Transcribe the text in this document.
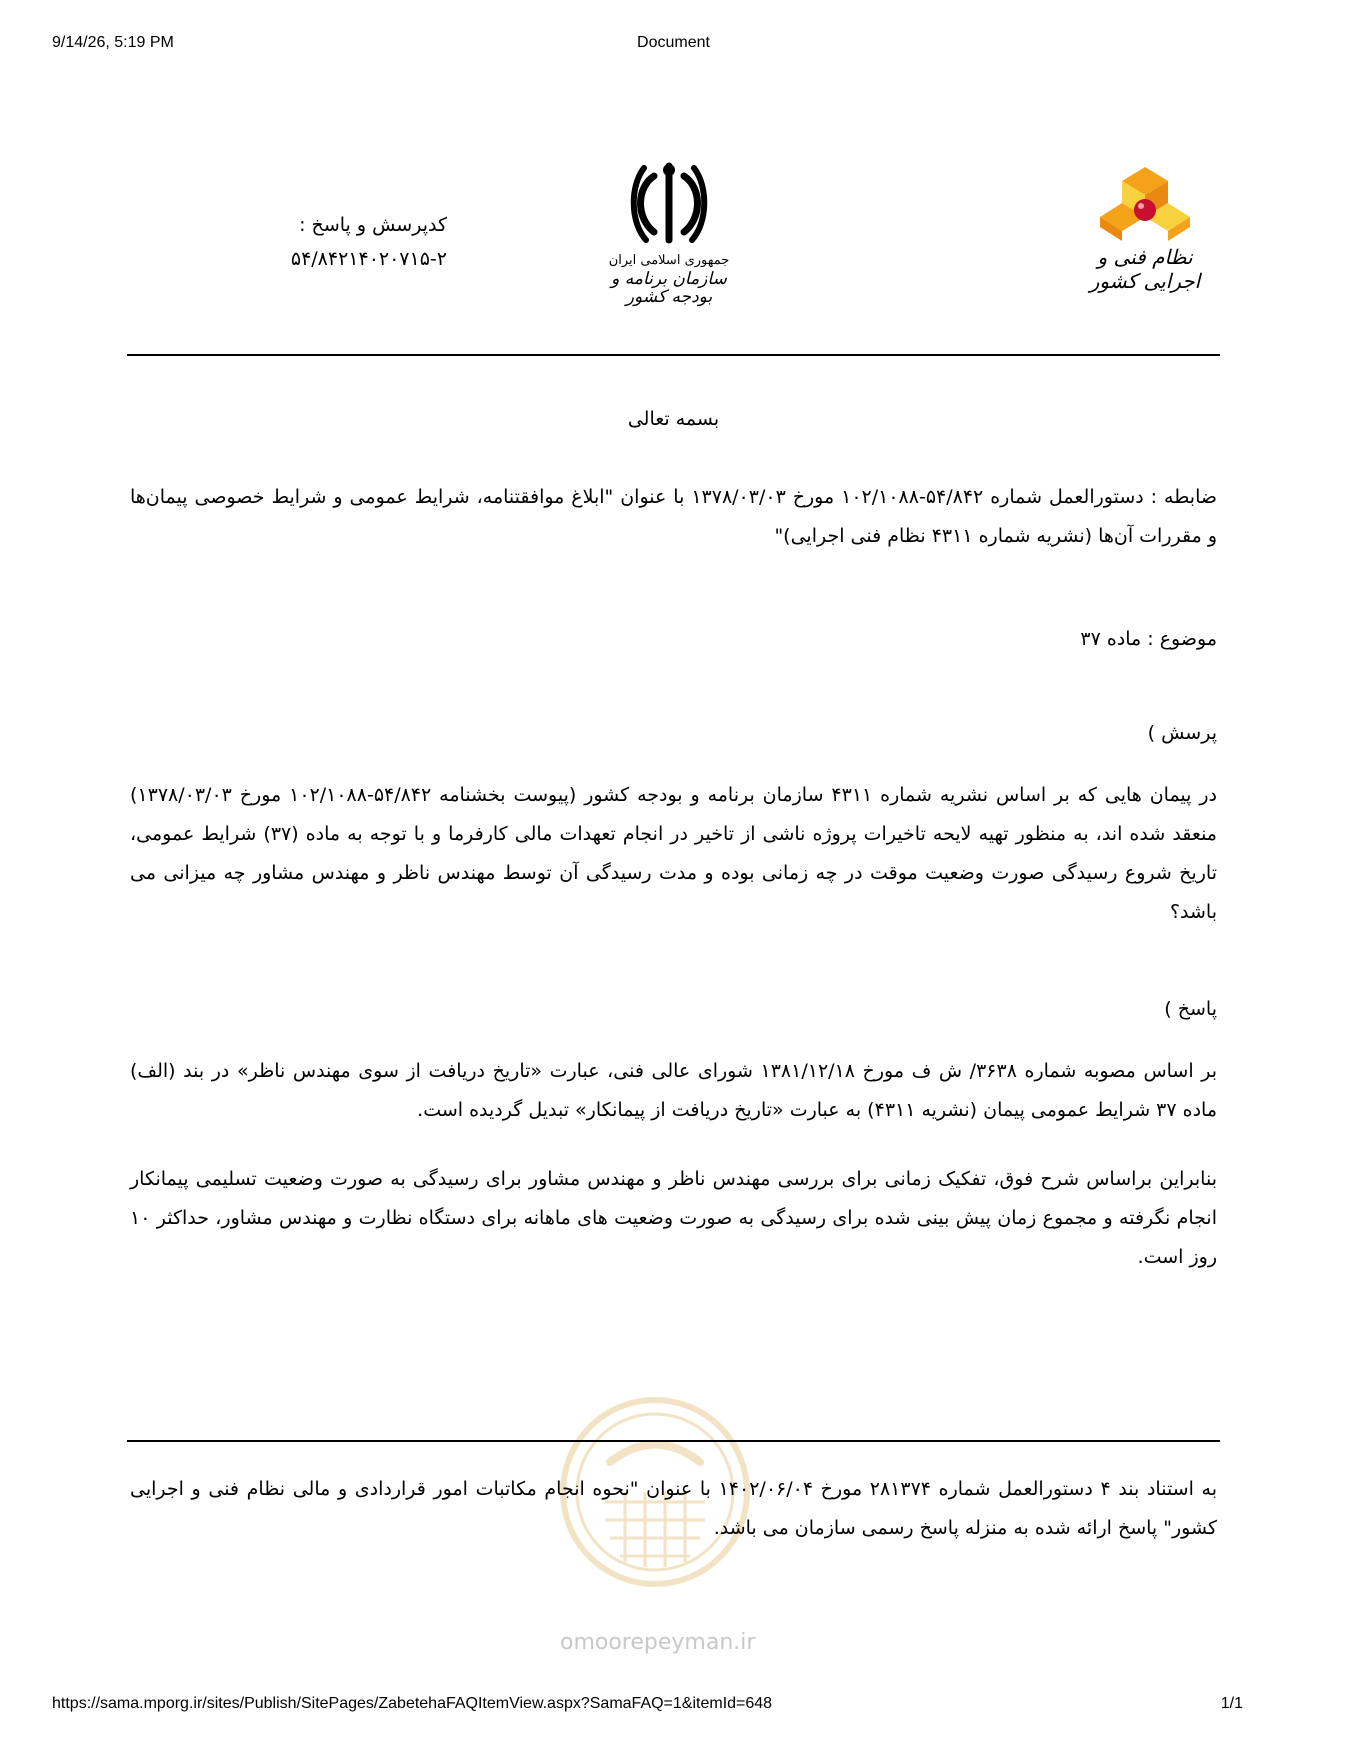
9/14/26, 5:19 PM	Document
کدپرسش و پاسخ :
۵۴/۸۴۲۱۴۰۲۰۷۱۵-۲	جمهوری اسلامی ایران
سازمان برنامه و بودجه کشور
نظام فنی و اجرایی کشور
بسمه تعالی
ضابطه : دستورالعمل شماره ۵۴/۸۴۲-۱۰۲/۱۰۸۸ مورخ ۱۳۷۸/۰۳/۰۳ با عنوان "ابلاغ موافقتنامه، شرایط عمومی و شرایط خصوصی پیمان‌ها و مقررات آن‌ها (نشریه شماره ۴۳۱۱ نظام فنی اجرایی)"
موضوع : ماده ۳۷
پرسش )
در پیمان هایی که بر اساس نشریه شماره ۴۳۱۱ سازمان برنامه و بودجه کشور (پیوست بخشنامه ۵۴/۸۴۲-۱۰۲/۱۰۸۸ مورخ ۱۳۷۸/۰۳/۰۳) منعقد شده اند، به منظور تهیه لایحه تاخیرات پروژه ناشی از تاخیر در انجام تعهدات مالی کارفرما و با توجه به ماده (۳۷) شرایط عمومی، تاریخ شروع رسیدگی صورت وضعیت موقت در چه زمانی بوده و مدت رسیدگی آن توسط مهندس ناظر و مهندس مشاور چه میزانی می باشد؟
پاسخ )
بر اساس مصوبه شماره ۳۶۳۸/ ش ف مورخ ۱۳۸۱/۱۲/۱۸ شورای عالی فنی، عبارت «تاریخ دریافت از سوی مهندس ناظر» در بند (الف) ماده ۳۷ شرایط عمومی پیمان (نشریه ۴۳۱۱) به عبارت «تاریخ دریافت از پیمانکار» تبدیل گردیده است.
بنابراین براساس شرح فوق، تفکیک زمانی برای بررسی مهندس ناظر و مهندس مشاور برای رسیدگی به صورت وضعیت تسلیمی پیمانکار انجام نگرفته و مجموع زمان پیش بینی شده برای رسیدگی به صورت وضعیت های ماهانه برای دستگاه نظارت و مهندس مشاور، حداکثر ۱۰ روز است.
omoorepeyman.ir
به استناد بند ۴ دستورالعمل شماره ۲۸۱۳۷۴ مورخ ۱۴۰۲/۰۶/۰۴ با عنوان "نحوه انجام مکاتبات امور قراردادی و مالی نظام فنی و اجرایی کشور" پاسخ ارائه شده به منزله پاسخ رسمی سازمان می باشد.
https://sama.mporg.ir/sites/Publish/SitePages/ZabetehaFAQItemView.aspx?SamaFAQ=1&itemId=648	1/1
